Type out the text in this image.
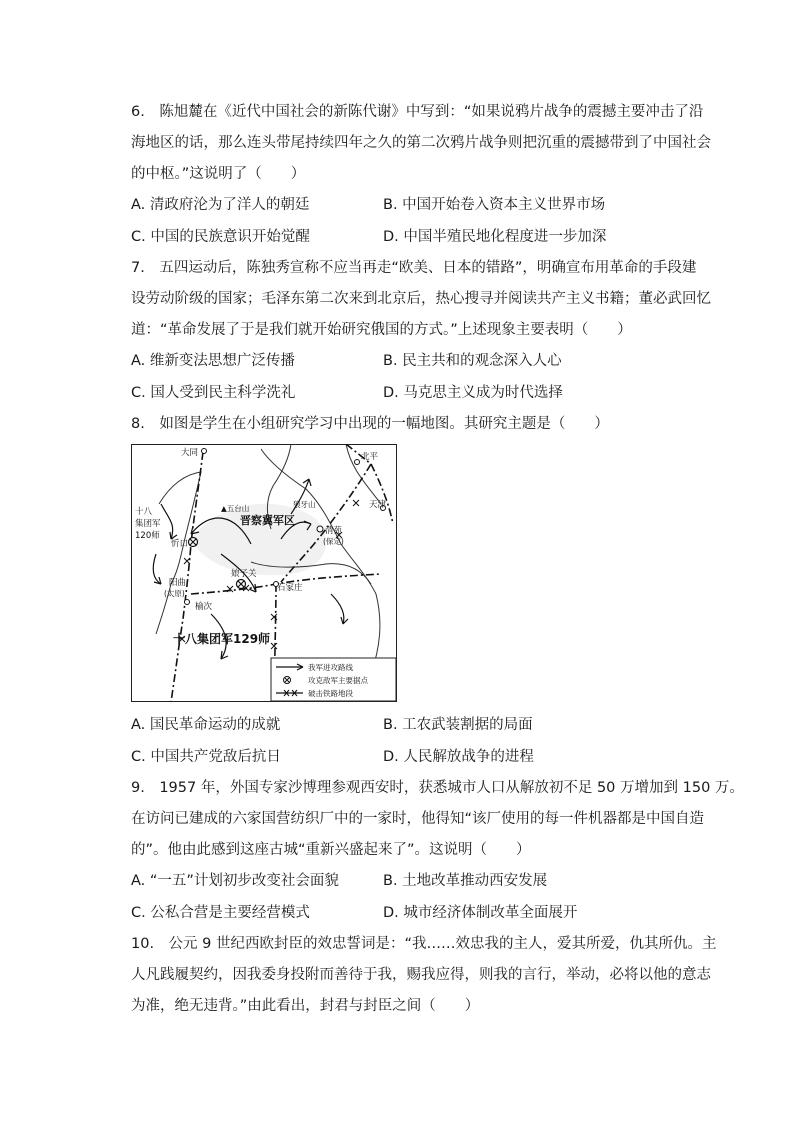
6.　陈旭麓在《近代中国社会的新陈代谢》中写到：“如果说鸦片战争的震撼主要冲击了沿
海地区的话，那么连头带尾持续四年之久的第二次鸦片战争则把沉重的震撼带到了中国社会
的中枢。”这说明了（　　）
A. 清政府沦为了洋人的朝廷	B. 中国开始卷入资本主义世界市场
C. 中国的民族意识开始觉醒	D. 中国半殖民地化程度进一步加深
7.　五四运动后，陈独秀宣称不应当再走“欧美、日本的错路”，明确宣布用革命的手段建
设劳动阶级的国家；毛泽东第二次来到北京后，热心搜寻并阅读共产主义书籍；董必武回忆
道：“革命发展了于是我们就开始研究俄国的方式。”上述现象主要表明（　　）
A. 维新变法思想广泛传播	B. 民主共和的观念深入人心
C. 国人受到民主科学洗礼	D. 马克思主义成为时代选择
8.　如图是学生在小组研究学习中出现的一幅地图。其研究主题是（　　）
大同	北平
天津
狼牙山
▲五台山
晋察冀军区
清苑
(保定)
十八
集团军
120师
忻口
阳曲
(太原)
娘子关
石家庄
榆次
十八集团军129师
我军进攻路线
攻克敌军主要据点
破击铁路地段
A. 国民革命运动的成就	B. 工农武装割据的局面
C. 中国共产党敌后抗日	D. 人民解放战争的进程
9.　1957 年，外国专家沙博理参观西安时，获悉城市人口从解放初不足 50 万增加到 150 万。
在访问已建成的六家国营纺织厂中的一家时，他得知“该厂使用的每一件机器都是中国自造
的”。他由此感到这座古城“重新兴盛起来了”。这说明（　　）
A. “一五”计划初步改变社会面貌	B. 土地改革推动西安发展
C. 公私合营是主要经营模式	D. 城市经济体制改革全面展开
10.　公元 9 世纪西欧封臣的效忠誓词是：“我……效忠我的主人，爱其所爱，仇其所仇。主
人凡践履契约，因我委身投附而善待于我，赐我应得，则我的言行，举动，必将以他的意志
为准，绝无违背。”由此看出，封君与封臣之间（　　）
